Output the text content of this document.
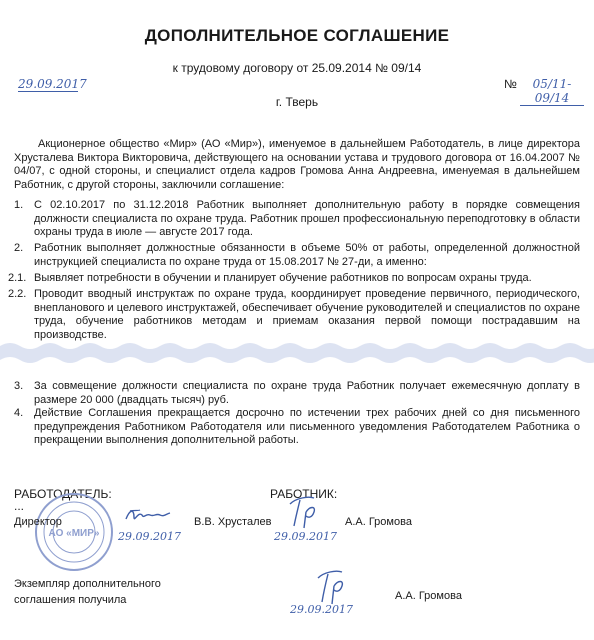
ДОПОЛНИТЕЛЬНОЕ СОГЛАШЕНИЕ
к трудовому договору от 25.09.2014 № 09/14
29.09.2017	№	05/11-09/14
г. Тверь
Акционерное общество «Мир» (АО «Мир»), именуемое в дальнейшем Работодатель, в лице директора Хрусталева Виктора Викторовича, действующего на основании устава и трудового договора от 16.04.2007 № 04/07, с одной стороны, и специалист отдела кадров Громова Анна Андреевна, именуемая в дальнейшем Работник, с другой стороны, заключили соглашение:
1. С 02.10.2017 по 31.12.2018 Работник выполняет дополнительную работу в порядке совмещения должности специалиста по охране труда. Работник прошел профессиональную переподготовку в области охраны труда в июле — августе 2017 года.
2. Работник выполняет должностные обязанности в объеме 50% от работы, определенной должностной инструкцией специалиста по охране труда от 15.08.2017 № 27-ди, а именно:
2.1. Выявляет потребности в обучении и планирует обучение работников по вопросам охраны труда.
2.2. Проводит вводный инструктаж по охране труда, координирует проведение первичного, периодического, внепланового и целевого инструктажей, обеспечивает обучение руководителей и специалистов по охране труда, обучение работников методам и приемам оказания первой помощи пострадавшим на производстве.
3. За совмещение должности специалиста по охране труда Работник получает ежемесячную доплату в размере 20 000 (двадцать тысяч) руб.
4. Действие Соглашения прекращается досрочно по истечении трех рабочих дней со дня письменного предупреждения Работником Работодателя или письменного уведомления Работодателем Работника о прекращении выполнения дополнительной работы.
РАБОТОДАТЕЛЬ:	РАБОТНИК:
...
АО «МИР»
Директор	В.В. Хрусталев
29.09.2017
А.А. Громова
29.09.2017
Экземпляр дополнительного
соглашения получила	А.А. Громова
29.09.2017
